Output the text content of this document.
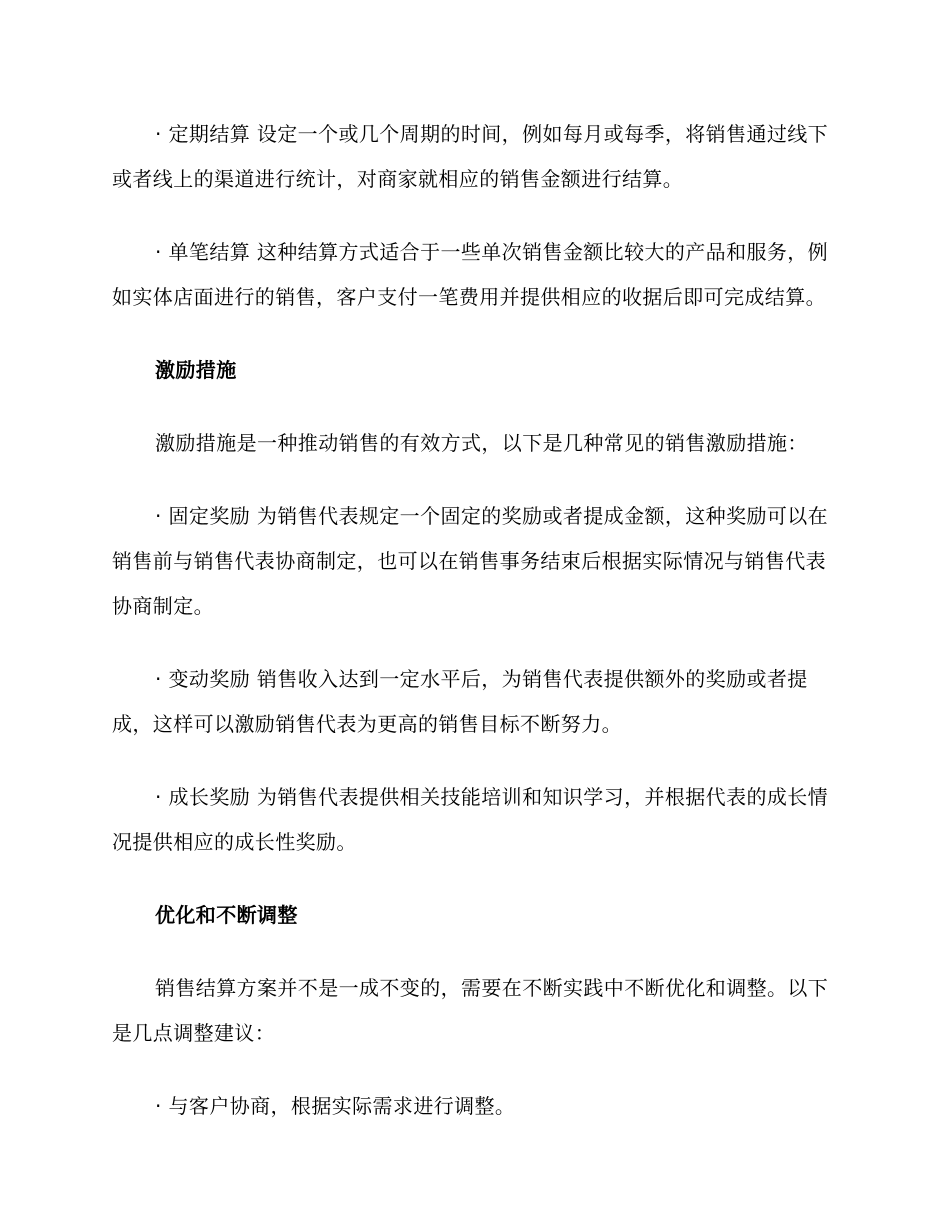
· 定期结算 设定一个或几个周期的时间，例如每月或每季，将销售通过线下或者线上的渠道进行统计，对商家就相应的销售金额进行结算。

· 单笔结算 这种结算方式适合于一些单次销售金额比较大的产品和服务，例如实体店面进行的销售，客户支付一笔费用并提供相应的收据后即可完成结算。

激励措施

激励措施是一种推动销售的有效方式，以下是几种常见的销售激励措施：

· 固定奖励 为销售代表规定一个固定的奖励或者提成金额，这种奖励可以在销售前与销售代表协商制定，也可以在销售事务结束后根据实际情况与销售代表协商制定。

· 变动奖励 销售收入达到一定水平后，为销售代表提供额外的奖励或者提成，这样可以激励销售代表为更高的销售目标不断努力。

· 成长奖励 为销售代表提供相关技能培训和知识学习，并根据代表的成长情况提供相应的成长性奖励。

优化和不断调整

销售结算方案并不是一成不变的，需要在不断实践中不断优化和调整。以下是几点调整建议：

· 与客户协商，根据实际需求进行调整。
